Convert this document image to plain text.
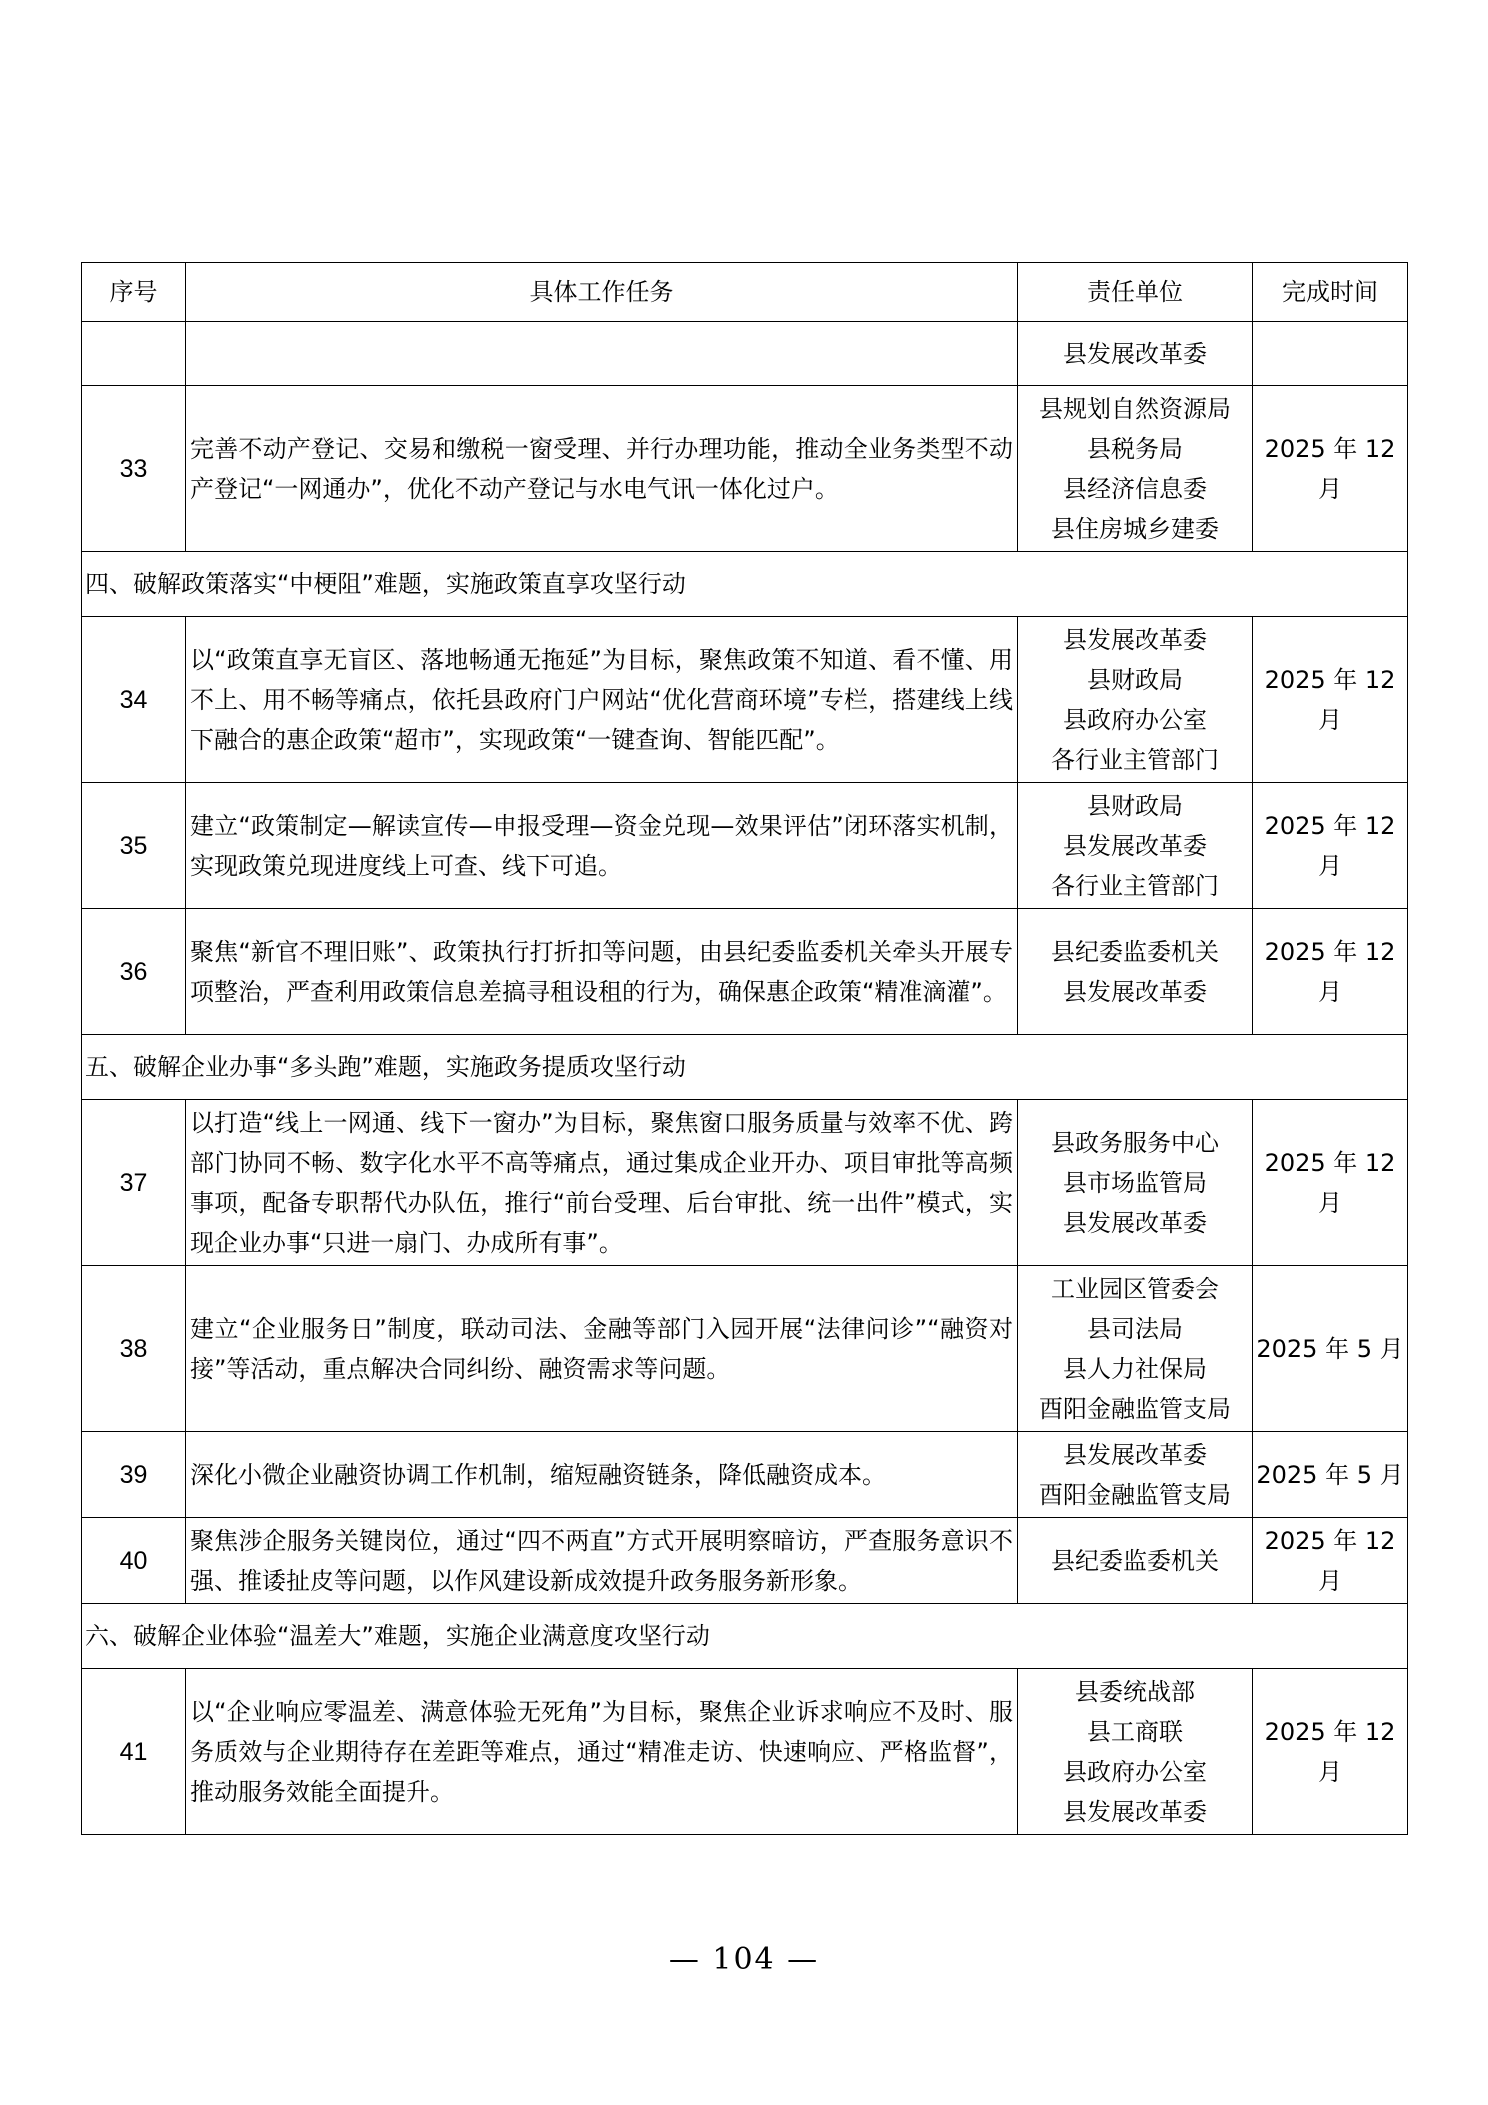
序号	具体工作任务	责任单位	完成时间

		县发展改革委	

33	完善不动产登记、交易和缴税一窗受理、并行办理功能，推动全业务类型不动产登记“一网通办”，优化不动产登记与水电气讯一体化过户。	县规划自然资源局
县税务局
县经济信息委
县住房城乡建委	2025 年 12 月
四、破解政策落实“中梗阻”难题，实施政策直享攻坚行动			
34	以“政策直享无盲区、落地畅通无拖延”为目标，聚焦政策不知道、看不懂、用不上、用不畅等痛点，依托县政府门户网站“优化营商环境”专栏，搭建线上线下融合的惠企政策“超市”，实现政策“一键查询、智能匹配”。	县发展改革委
县财政局
县政府办公室
各行业主管部门	2025 年 12 月
35	建立“政策制定—解读宣传—申报受理—资金兑现—效果评估”闭环落实机制，实现政策兑现进度线上可查、线下可追。	县财政局
县发展改革委
各行业主管部门	2025 年 12 月
36	聚焦“新官不理旧账”、政策执行打折扣等问题，由县纪委监委机关牵头开展专项整治，严查利用政策信息差搞寻租设租的行为，确保惠企政策“精准滴灌”。	县纪委监委机关
县发展改革委	2025 年 12 月
五、破解企业办事“多头跑”难题，实施政务提质攻坚行动			
37	以打造“线上一网通、线下一窗办”为目标，聚焦窗口服务质量与效率不优、跨部门协同不畅、数字化水平不高等痛点，通过集成企业开办、项目审批等高频事项，配备专职帮代办队伍，推行“前台受理、后台审批、统一出件”模式，实现企业办事“只进一扇门、办成所有事”。	县政务服务中心
县市场监管局
县发展改革委	2025 年 12 月
38	建立“企业服务日”制度，联动司法、金融等部门入园开展“法律问诊”“融资对接”等活动，重点解决合同纠纷、融资需求等问题。	工业园区管委会
县司法局
县人力社保局
酉阳金融监管支局	2025 年 5 月
39	深化小微企业融资协调工作机制，缩短融资链条，降低融资成本。	县发展改革委
酉阳金融监管支局	2025 年 5 月
40	聚焦涉企服务关键岗位，通过“四不两直”方式开展明察暗访，严查服务意识不强、推诿扯皮等问题，以作风建设新成效提升政务服务新形象。	县纪委监委机关	2025 年 12 月
六、破解企业体验“温差大”难题，实施企业满意度攻坚行动			
41	以“企业响应零温差、满意体验无死角”为目标，聚焦企业诉求响应不及时、服务质效与企业期待存在差距等难点，通过“精准走访、快速响应、严格监督”，推动服务效能全面提升。	县委统战部
县工商联
县政府办公室
县发展改革委	2025 年 12 月
— 104 —
